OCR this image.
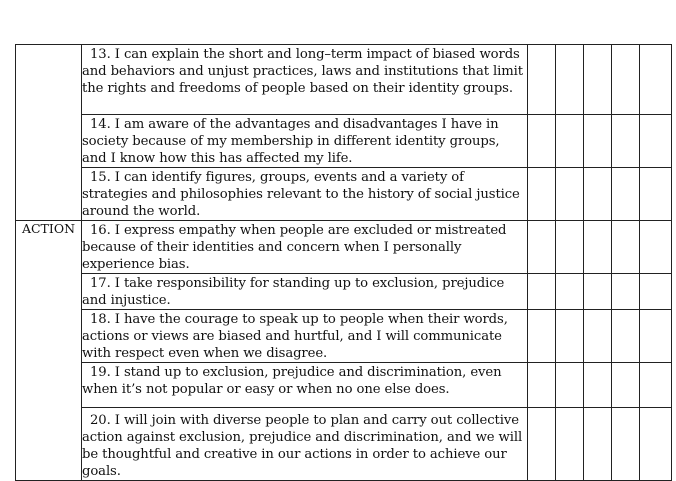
	13. I can explain the short and long–term impact of biased words and behaviors and unjust practices, laws and institutions that limit the rights and freedoms of people based on their identity groups.					

	14. I am aware of the advantages and disadvantages I have in society because of my membership in different identity groups, and I know how this has affected my life.					

	15. I can identify figures, groups, events and a variety of strategies and philosophies relevant to the history of social justice around the world.					

ACTION	16. I express empathy when people are excluded or mistreated because of their identities and concern when I personally experience bias.					

	17. I take responsibility for standing up to exclusion, prejudice and injustice.					

	18. I have the courage to speak up to people when their words, actions or views are biased and hurtful, and I will communicate with respect even when we disagree.					

	19. I stand up to exclusion, prejudice and discrimination, even when it’s not popular or easy or when no one else does.					

	20. I will join with diverse people to plan and carry out collective action against exclusion, prejudice and discrimination, and we will be thoughtful and creative in our actions in order to achieve our goals.					
